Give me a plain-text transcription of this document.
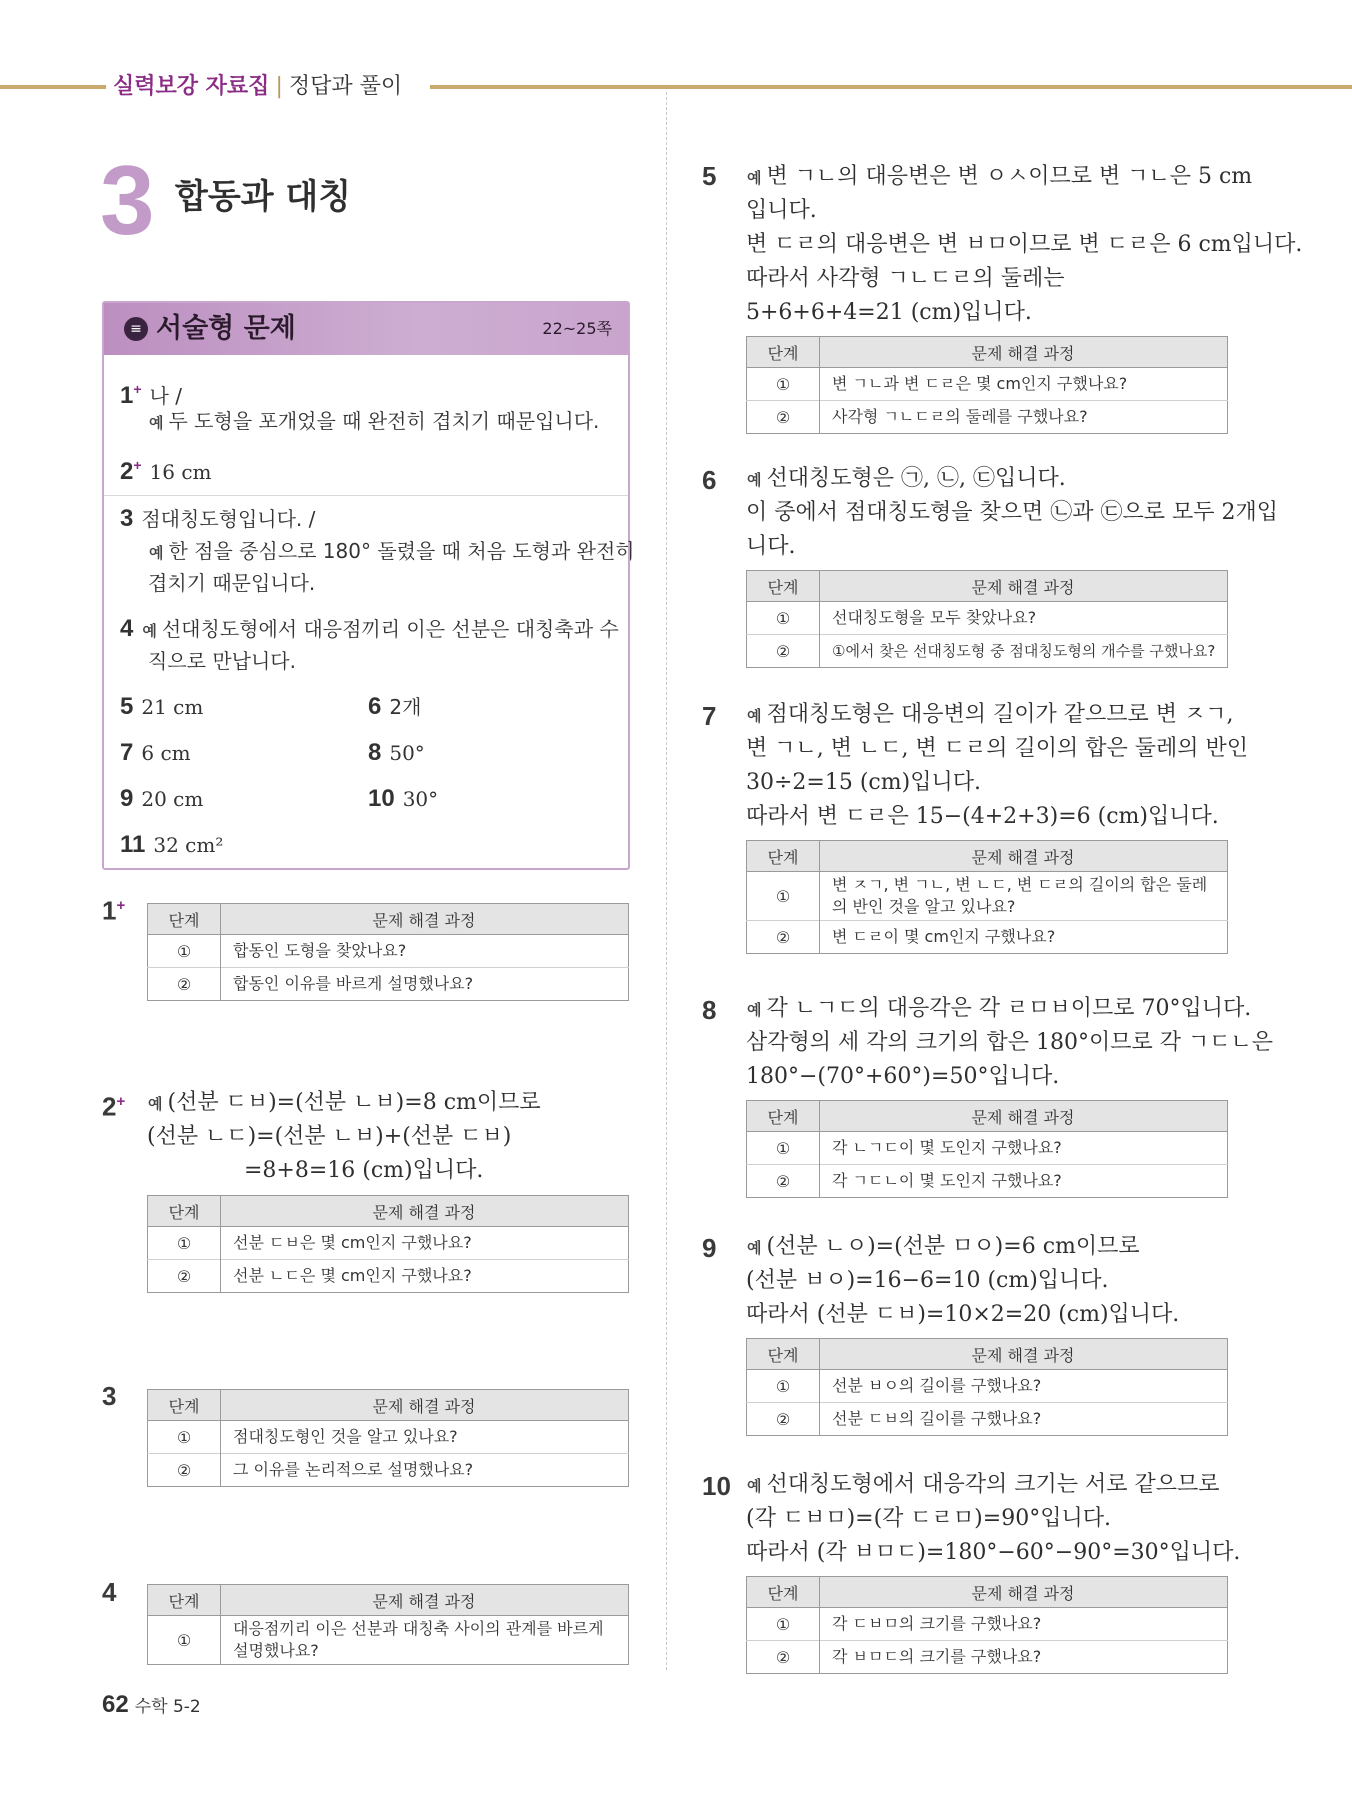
실력보강 자료집 | 정답과 풀이
3 합동과 대칭
≡ 서술형 문제	22~25쪽
1+ 나 /
예 두 도형을 포개었을 때 완전히 겹치기 때문입니다.
2+ 16 cm
3 점대칭도형입니다. /
예 한 점을 중심으로 180° 돌렸을 때 처음 도형과 완전히
겹치기 때문입니다.
4 예 선대칭도형에서 대응점끼리 이은 선분은 대칭축과 수
직으로 만납니다.
5 21 cm	6 2개
7 6 cm	8 50°
9 20 cm	10 30°
11 32 cm²
1+
단계	문제 해결 과정
①	합동인 도형을 찾았나요?
②	합동인 이유를 바르게 설명했나요?
2+ 예 (선분 ㄷㅂ)=(선분 ㄴㅂ)=8 cm이므로
(선분 ㄴㄷ)=(선분 ㄴㅂ)+(선분 ㄷㅂ)
=8+8=16 (cm)입니다.
단계	문제 해결 과정
①	선분 ㄷㅂ은 몇 cm인지 구했나요?
②	선분 ㄴㄷ은 몇 cm인지 구했나요?
3	단계	문제 해결 과정
①	점대칭도형인 것을 알고 있나요?
②	그 이유를 논리적으로 설명했나요?
4	단계	문제 해결 과정
①	대응점끼리 이은 선분과 대칭축 사이의 관계를 바르게 설명했나요?
5 예 변 ㄱㄴ의 대응변은 변 ㅇㅅ이므로 변 ㄱㄴ은 5 cm
입니다.
변 ㄷㄹ의 대응변은 변 ㅂㅁ이므로 변 ㄷㄹ은 6 cm입니다.
따라서 사각형 ㄱㄴㄷㄹ의 둘레는
5+6+6+4=21 (cm)입니다.
단계	문제 해결 과정
①	변 ㄱㄴ과 변 ㄷㄹ은 몇 cm인지 구했나요?
②	사각형 ㄱㄴㄷㄹ의 둘레를 구했나요?
6 예 선대칭도형은 ㉠, ㉡, ㉢입니다.
이 중에서 점대칭도형을 찾으면 ㉡과 ㉢으로 모두 2개입
니다.
단계	문제 해결 과정
①	선대칭도형을 모두 찾았나요?
②	①에서 찾은 선대칭도형 중 점대칭도형의 개수를 구했나요?
7 예 점대칭도형은 대응변의 길이가 같으므로 변 ㅈㄱ,
변 ㄱㄴ, 변 ㄴㄷ, 변 ㄷㄹ의 길이의 합은 둘레의 반인
30÷2=15 (cm)입니다.
따라서 변 ㄷㄹ은 15−(4+2+3)=6 (cm)입니다.
단계	문제 해결 과정
①	변 ㅈㄱ, 변 ㄱㄴ, 변 ㄴㄷ, 변 ㄷㄹ의 길이의 합은 둘레의 반인 것을 알고 있나요?
②	변 ㄷㄹ이 몇 cm인지 구했나요?
8 예 각 ㄴㄱㄷ의 대응각은 각 ㄹㅁㅂ이므로 70°입니다.
삼각형의 세 각의 크기의 합은 180°이므로 각 ㄱㄷㄴ은
180°−(70°+60°)=50°입니다.
단계	문제 해결 과정
①	각 ㄴㄱㄷ이 몇 도인지 구했나요?
②	각 ㄱㄷㄴ이 몇 도인지 구했나요?
9 예 (선분 ㄴㅇ)=(선분 ㅁㅇ)=6 cm이므로
(선분 ㅂㅇ)=16−6=10 (cm)입니다.
따라서 (선분 ㄷㅂ)=10×2=20 (cm)입니다.
단계	문제 해결 과정
①	선분 ㅂㅇ의 길이를 구했나요?
②	선분 ㄷㅂ의 길이를 구했나요?
10 예 선대칭도형에서 대응각의 크기는 서로 같으므로
(각 ㄷㅂㅁ)=(각 ㄷㄹㅁ)=90°입니다.
따라서 (각 ㅂㅁㄷ)=180°−60°−90°=30°입니다.
단계	문제 해결 과정
①	각 ㄷㅂㅁ의 크기를 구했나요?
②	각 ㅂㅁㄷ의 크기를 구했나요?
62 수학 5-2
